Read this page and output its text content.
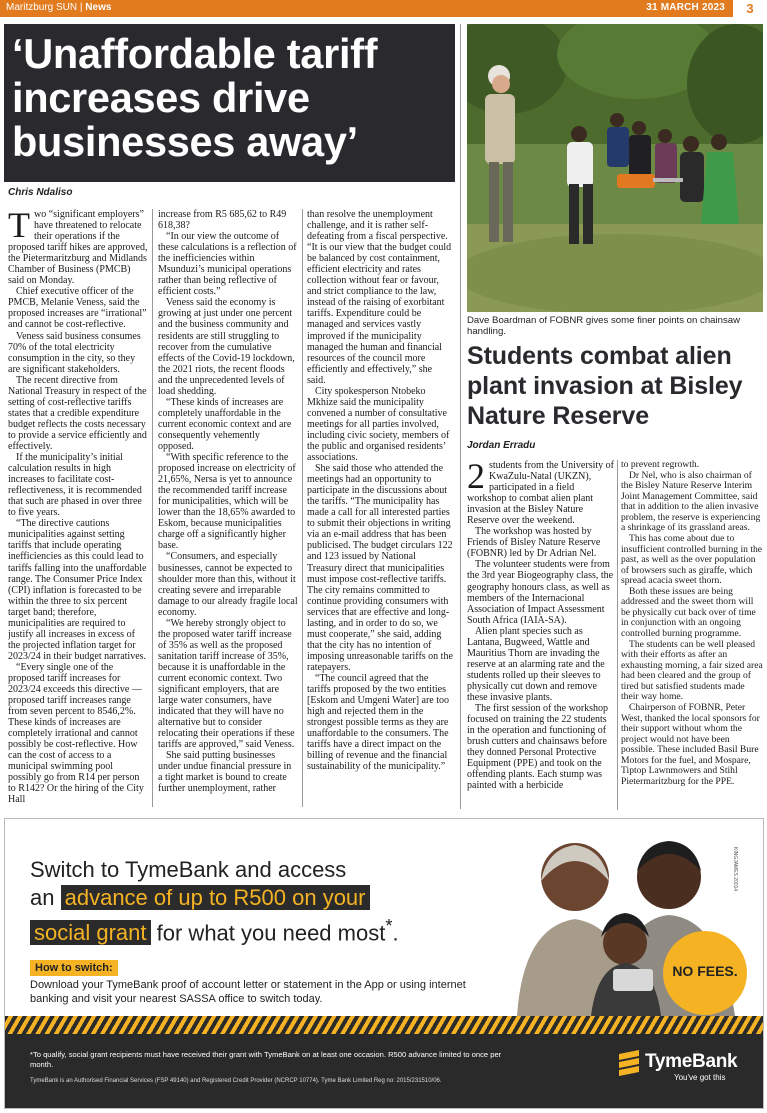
Maritzburg SUN | News	31 MARCH 2023	3
‘Unaffordable tariff increases drive businesses away’
Chris Ndaliso
T wo “significant employers” have threatened to relocate their operations if the proposed tariff hikes are approved, the Pietermaritzburg and Midlands Chamber of Business (PMCB) said on Monday.

Chief executive officer of the PMCB, Melanie Veness, said the proposed increases are “irrational” and cannot be cost-reflective.

Veness said business consumes 70% of the total electricity consumption in the city, so they are significant stakeholders.

The recent directive from National Treasury in respect of the setting of cost-reflective tariffs states that a credible expenditure budget reflects the costs necessary to provide a service efficiently and effectively.

If the municipality’s initial calculation results in high increases to facilitate cost-reflectiveness, it is recommended that such are phased in over three to five years.

“The directive cautions municipalities against setting tariffs that include operating inefficiencies as this could lead to tariffs falling into the unaffordable range. The Consumer Price Index (CPI) inflation is forecasted to be within the three to six percent target band; therefore, municipalities are required to justify all increases in excess of the projected inflation target for 2023/24 in their budget narratives.

“Every single one of the proposed tariff increases for 2023/24 exceeds this directive — proposed tariff increases range from seven percent to 8546,2%. These kinds of increases are completely irrational and cannot possibly be cost-reflective. How can the cost of access to a municipal swimming pool possibly go from R14 per person to R142? Or the hiring of the City Hall

increase from R5 685,62 to R49 618,38?

“In our view the outcome of these calculations is a reflection of the inefficiencies within Msunduzi’s municipal operations rather than being reflective of efficient costs.”

Veness said the economy is growing at just under one percent and the business community and residents are still struggling to recover from the cumulative effects of the Covid-19 lockdown, the 2021 riots, the recent floods and the unprecedented levels of load shedding.

“These kinds of increases are completely unaffordable in the current economic context and are consequently vehemently opposed.

“With specific reference to the proposed increase on electricity of 21,65%, Nersa is yet to announce the recommended tariff increase for municipalities, which will be lower than the 18,65% awarded to Eskom, because municipalities charge off a significantly higher base.

“Consumers, and especially businesses, cannot be expected to shoulder more than this, without it creating severe and irreparable damage to our already fragile local economy.

“We hereby strongly object to the proposed water tariff increase of 35% as well as the proposed sanitation tariff increase of 35%, because it is unaffordable in the current economic context. Two significant employers, that are large water consumers, have indicated that they will have no alternative but to consider relocating their operations if these tariffs are approved,” said Veness.

She said putting businesses under undue financial pressure in a tight market is bound to create further unemployment, rather

than resolve the unemployment challenge, and it is rather self-defeating from a fiscal perspective. “It is our view that the budget could be balanced by cost containment, efficient electricity and rates collection without fear or favour, and strict compliance to the law, instead of the raising of exorbitant tariffs. Expenditure could be managed and services vastly improved if the municipality managed the human and financial resources of the council more efficiently and effectively,” she said.

City spokesperson Ntobeko Mkhize said the municipality convened a number of consultative meetings for all parties involved, including civic society, members of the public and organised residents’ associations.

She said those who attended the meetings had an opportunity to participate in the discussions about the tariffs. “The municipality has made a call for all interested parties to submit their objections in writing via an e-mail address that has been publicised. The budget circulars 122 and 123 issued by National Treasury direct that municipalities must impose cost-reflective tariffs. The city remains committed to continue providing consumers with services that are effective and long-lasting, and in order to do so, we must cooperate,” she said, adding that the city has no intention of imposing unreasonable tariffs on the ratepayers.

“The council agreed that the tariffs proposed by the two entities [Eskom and Umgeni Water] are too high and rejected them in the strongest possible terms as they are unaffordable to the consumers. The tariffs have a direct impact on the billing of revenue and the financial sustainability of the municipality.”

Dave Boardman of FOBNR gives some finer points on chainsaw handling.
Students combat alien plant invasion at Bisley Nature Reserve
Jordan Erradu
2 students from the University of KwaZulu-Natal (UKZN), participated in a field workshop to combat alien plant invasion at the Bisley Nature Reserve over the weekend.

The workshop was hosted by Friends of Bisley Nature Reserve (FOBNR) led by Dr Adrian Nel.

The volunteer students were from the 3rd year Biogeography class, the geography honours class, as well as members of the Internacional Association of Impact Assessment South Africa (IAIA-SA).

Alien plant species such as Lantana, Bugweed, Wattle and Mauritius Thorn are invading the reserve at an alarming rate and the students rolled up their sleeves to physically cut down and remove these invasive plants.

The first session of the workshop focused on training the 22 students in the operation and functioning of brush cutters and chainsaws before they donned Personal Protective Equipment (PPE) and took on the offending plants. Each stump was painted with a herbicide

to prevent regrowth.

Dr Nel, who is also chairman of the Bisley Nature Reserve Interim Joint Management Committee, said that in addition to the alien invasive problem, the reserve is experiencing a shrinkage of its grassland areas.

This has come about due to insufficient controlled burning in the past, as well as the over population of browsers such as giraffe, which spread acacia sweet thorn.

Both these issues are being addressed and the sweet thorn will be physically cut back over of time in conjunction with an ongoing controlled burning programme.

The students can be well pleased with their efforts as after an exhausting morning, a fair sized area had been cleared and the group of tired but satisfied students made their way home.

Chairperson of FOBNR, Peter West, thanked the local sponsors for their support without whom the project would not have been possible. These included Basil Bure Motors for the fuel, and Mospare, Tiptop Lawnmowers and Stihl Pietermaritzburg for the PPE.

KINGJAMES 20014
Switch to TymeBank and access
an advance of up to R500 on your
social grant for what you need most*.
How to switch:
Download your TymeBank proof of account letter or statement in the App or using internet banking and visit your nearest SASSA office to switch today.
NO FEES.
*To qualify, social grant recipients must have received their grant with TymeBank on at least one occasion. R500 advance limited to once per month.
TymeBank is an Authorised Financial Services (FSP 49140) and Registered Credit Provider (NCRCP 10774). Tyme Bank Limited Reg no: 2015/231510/06.
TymeBank
You've got this
